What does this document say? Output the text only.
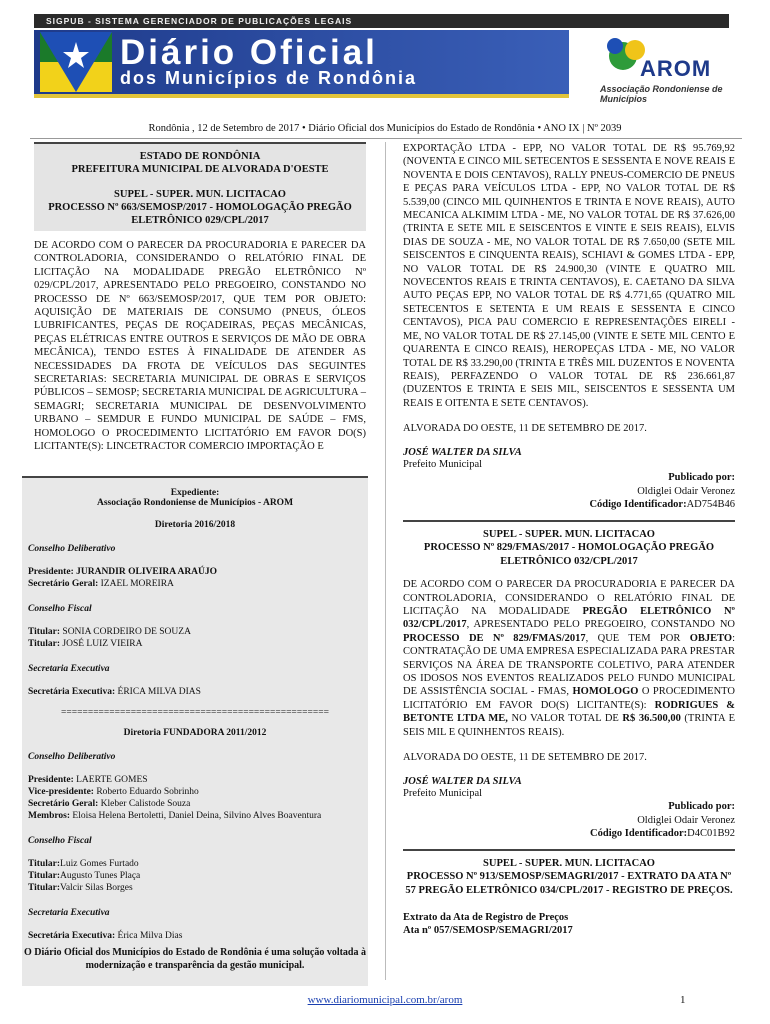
SIGPUB - SISTEMA GERENCIADOR DE PUBLICAÇÕES LEGAIS
Diário Oficial
dos Municípios de Rondônia	AROM
Associação Rondoniense de Municípios
Rondônia , 12 de Setembro de 2017 • Diário Oficial dos Municípios do Estado de Rondônia • ANO IX | Nº 2039
ESTADO DE RONDÔNIA
PREFEITURA MUNICIPAL DE ALVORADA D'OESTE
SUPEL - SUPER. MUN. LICITACAO
PROCESSO Nº 663/SEMOSP/2017 - HOMOLOGAÇÃO PREGÃO ELETRÔNICO 029/CPL/2017

DE ACORDO COM O PARECER DA PROCURADORIA E PARECER DA CONTROLADORIA, CONSIDERANDO O RELATÓRIO FINAL DE LICITAÇÃO NA MODALIDADE PREGÃO ELETRÔNICO Nº 029/CPL/2017, APRESENTADO PELO PREGOEIRO, CONSTANDO NO PROCESSO DE Nº 663/SEMOSP/2017, QUE TEM POR OBJETO: AQUISIÇÃO DE MATERIAIS DE CONSUMO (PNEUS, ÓLEOS LUBRIFICANTES, PEÇAS DE ROÇADEIRAS, PEÇAS MECÂNICAS, PEÇAS ELÉTRICAS ENTRE OUTROS E SERVIÇOS DE MÃO DE OBRA MECÂNICA), TENDO ESTES À FINALIDADE DE ATENDER AS NECESSIDADES DA FROTA DE VEÍCULOS DAS SEGUINTES SECRETARIAS: SECRETARIA MUNICIPAL DE OBRAS E SERVIÇOS PÚBLICOS – SEMOSP; SECRETARIA MUNICIPAL DE AGRICULTURA – SEMAGRI; SECRETARIA MUNICIPAL DE DESENVOLVIMENTO URBANO – SEMDUR E FUNDO MUNICIPAL DE SAÚDE – FMS, HOMOLOGO O PROCEDIMENTO LICITATÓRIO EM FAVOR DO(S) LICITANTE(S): LINCETRACTOR COMERCIO IMPORTAÇÃO E

Expediente:
Associação Rondoniense de Municípios - AROM
Diretoria 2016/2018
Conselho Deliberativo

Presidente: JURANDIR OLIVEIRA ARAÚJO

Secretário Geral: IZAEL MOREIRA

Conselho Fiscal

Titular: SONIA CORDEIRO DE SOUZA

Titular: JOSÉ LUIZ VIEIRA

Secretaria Executiva

Secretária Executiva: ÉRICA MILVA DIAS

==================================================
Diretoria FUNDADORA 2011/2012
Conselho Deliberativo

Presidente: LAERTE GOMES

Vice-presidente: Roberto Eduardo Sobrinho

Secretário Geral: Kleber Calistode Souza

Membros: Eloisa Helena Bertoletti, Daniel Deina, Silvino Alves Boaventura

Conselho Fiscal

Titular:Luiz Gomes Furtado

Titular:Augusto Tunes Plaça

Titular:Valcir Silas Borges

Secretaria Executiva

Secretária Executiva: Érica Milva Dias

O Diário Oficial dos Municípios do Estado de Rondônia é uma solução voltada à modernização e transparência da gestão municipal.

EXPORTAÇÃO LTDA - EPP, NO VALOR TOTAL DE R$ 95.769,92 (NOVENTA E CINCO MIL SETECENTOS E SESSENTA E NOVE REAIS E NOVENTA E DOIS CENTAVOS), RALLY PNEUS-COMERCIO DE PNEUS E PEÇAS PARA VEÍCULOS LTDA - EPP, NO VALOR TOTAL DE R$ 5.539,00 (CINCO MIL QUINHENTOS E TRINTA E NOVE REAIS), AUTO MECANICA ALKIMIM LTDA - ME, NO VALOR TOTAL DE R$ 37.626,00 (TRINTA E SETE MIL E SEISCENTOS E VINTE E SEIS REAIS), ELVIS DIAS DE SOUZA - ME, NO VALOR TOTAL DE R$ 7.650,00 (SETE MIL SEISCENTOS E CINQUENTA REAIS), SCHIAVI & GOMES LTDA - EPP, NO VALOR TOTAL DE R$ 24.900,30 (VINTE E QUATRO MIL NOVECENTOS REAIS E TRINTA CENTAVOS), E. CAETANO DA SILVA AUTO PEÇAS EPP, NO VALOR TOTAL DE R$ 4.771,65 (QUATRO MIL SETECENTOS E SETENTA E UM REAIS E SESSENTA E CINCO CENTAVOS), PICA PAU COMERCIO E REPRESENTAÇÕES EIRELI - ME, NO VALOR TOTAL DE R$ 27.145,00 (VINTE E SETE MIL CENTO E QUARENTA E CINCO REAIS), HEROPEÇAS LTDA - ME, NO VALOR TOTAL DE R$ 33.290,00 (TRINTA E TRÊS MIL DUZENTOS E NOVENTA REAIS), PERFAZENDO O VALOR TOTAL DE R$ 236.661,87 (DUZENTOS E TRINTA E SEIS MIL, SEISCENTOS E SESSENTA UM REAIS E OITENTA E SETE CENTAVOS).

ALVORADA DO OESTE, 11 DE SETEMBRO DE 2017.

JOSÉ WALTER DA SILVA

Prefeito Municipal

Publicado por:
Oldiglei Odair Veronez
Código Identificador:AD754B46
SUPEL - SUPER. MUN. LICITACAO
PROCESSO Nº 829/FMAS/2017 - HOMOLOGAÇÃO PREGÃO ELETRÔNICO 032/CPL/2017

DE ACORDO COM O PARECER DA PROCURADORIA E PARECER DA CONTROLADORIA, CONSIDERANDO O RELATÓRIO FINAL DE LICITAÇÃO NA MODALIDADE PREGÃO ELETRÔNICO Nº 032/CPL/2017, APRESENTADO PELO PREGOEIRO, CONSTANDO NO PROCESSO DE Nº 829/FMAS/2017, QUE TEM POR OBJETO: CONTRATAÇÃO DE UMA EMPRESA ESPECIALIZADA PARA PRESTAR SERVIÇOS NA ÁREA DE TRANSPORTE COLETIVO, PARA ATENDER OS IDOSOS NOS EVENTOS REALIZADOS PELO FUNDO MUNICIPAL DE ASSISTÊNCIA SOCIAL - FMAS, HOMOLOGO O PROCEDIMENTO LICITATÓRIO EM FAVOR DO(S) LICITANTE(S): RODRIGUES & BETONTE LTDA ME, NO VALOR TOTAL DE R$ 36.500,00 (TRINTA E SEIS MIL E QUINHENTOS REAIS).

ALVORADA DO OESTE, 11 DE SETEMBRO DE 2017.

JOSÉ WALTER DA SILVA

Prefeito Municipal

Publicado por:
Oldiglei Odair Veronez
Código Identificador:D4C01B92
SUPEL - SUPER. MUN. LICITACAO
PROCESSO Nº 913/SEMOSP/SEMAGRI/2017 - EXTRATO DA ATA Nº 57 PREGÃO ELETRÔNICO 034/CPL/2017 - REGISTRO DE PREÇOS.

Extrato da Ata de Registro de Preços

Ata nº 057/SEMOSP/SEMAGRI/2017

www.diariomunicipal.com.br/arom	1
